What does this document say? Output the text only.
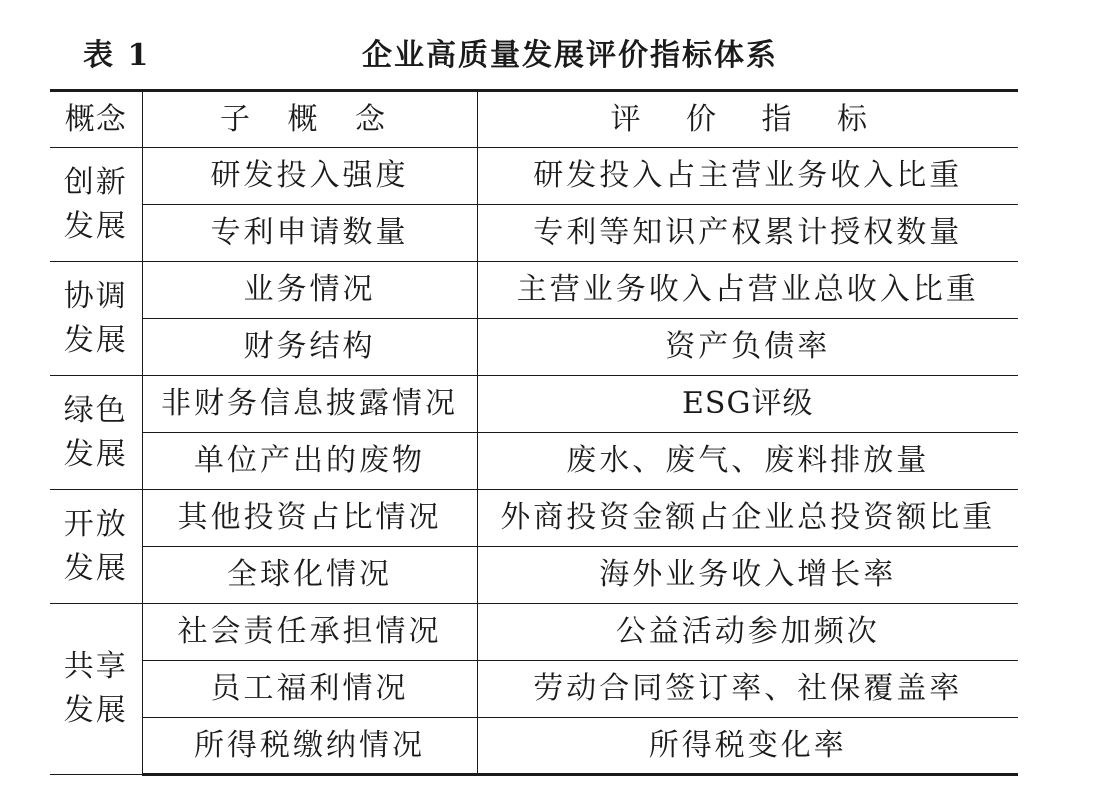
表 1	企业高质量发展评价指标体系
概念	子 概 念	评 价 指 标
创新发展	研发投入强度	研发投入占主营业务收入比重
	专利申请数量	专利等知识产权累计授权数量
协调发展	业务情况	主营业务收入占营业总收入比重
	财务结构	资产负债率
绿色发展	非财务信息披露情况	ESG评级
	单位产出的废物	废水、废气、废料排放量
开放发展	其他投资占比情况	外商投资金额占企业总投资额比重
	全球化情况	海外业务收入增长率
共享发展	社会责任承担情况	公益活动参加频次
	员工福利情况	劳动合同签订率、社保覆盖率
	所得税缴纳情况	所得税变化率
